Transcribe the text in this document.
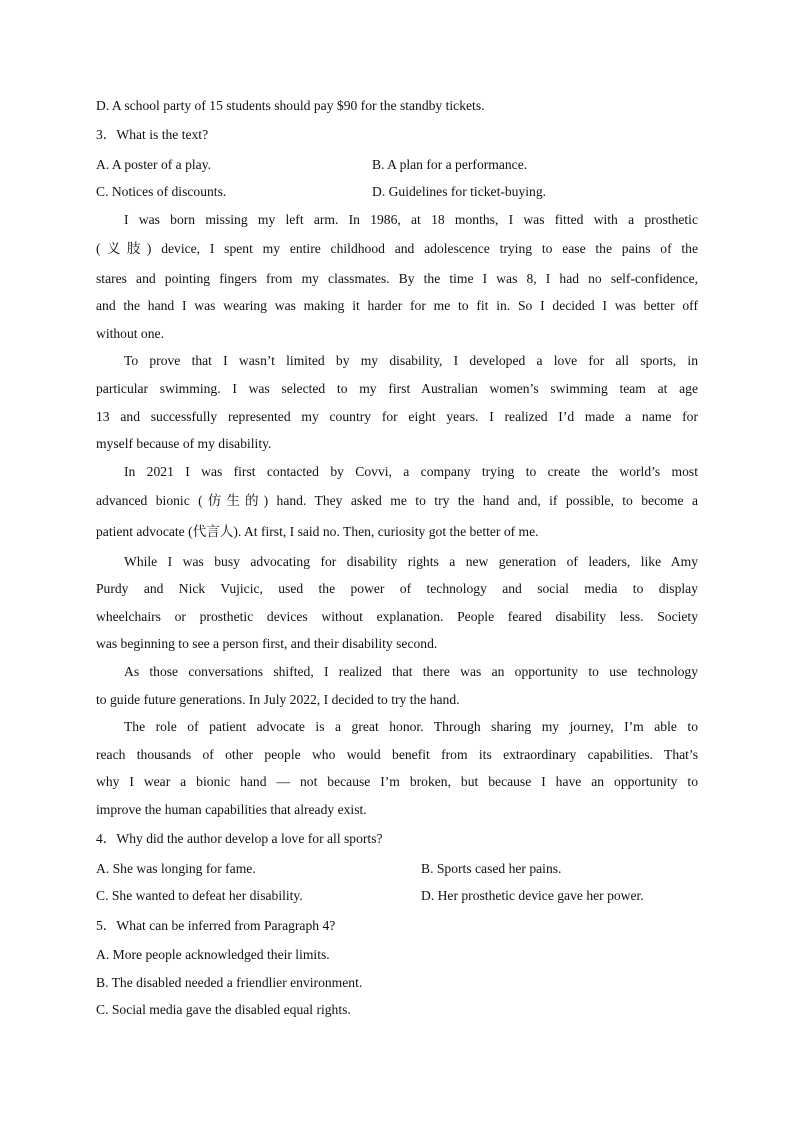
D. A school party of 15 students should pay $90 for the standby tickets.

3．What is the text?

A. A poster of a play.	B. A plan for a performance.

C. Notices of discounts.	D. Guidelines for ticket-buying.

I was born missing my left arm. In 1986, at 18 months, I was fitted with a prosthetic

(义肢) device, I spent my entire childhood and adolescence trying to ease the pains of the

stares and pointing fingers from my classmates. By the time I was 8, I had no self-confidence,

and the hand I was wearing was making it harder for me to fit in. So I decided I was better off

without one.

To prove that I wasn’t limited by my disability, I developed a love for all sports, in

particular swimming. I was selected to my first Australian women’s swimming team at age

13 and successfully represented my country for eight years. I realized I’d made a name for

myself because of my disability.

In 2021 I was first contacted by Covvi, a company trying to create the world’s most

advanced bionic (仿生的) hand. They asked me to try the hand and, if possible, to become a

patient advocate (代言人). At first, I said no. Then, curiosity got the better of me.

While I was busy advocating for disability rights a new generation of leaders, like Amy

Purdy and Nick Vujicic, used the power of technology and social media to display

wheelchairs or prosthetic devices without explanation. People feared disability less. Society

was beginning to see a person first, and their disability second.

As those conversations shifted, I realized that there was an opportunity to use technology

to guide future generations. In July 2022, I decided to try the hand.

The role of patient advocate is a great honor. Through sharing my journey, I’m able to

reach thousands of other people who would benefit from its extraordinary capabilities. That’s

why I wear a bionic hand — not because I’m broken, but because I have an opportunity to

improve the human capabilities that already exist.

4．Why did the author develop a love for all sports?

A. She was longing for fame.	B. Sports cased her pains.

C. She wanted to defeat her disability.	D. Her prosthetic device gave her power.

5．What can be inferred from Paragraph 4?

A. More people acknowledged their limits.

B. The disabled needed a friendlier environment.

C. Social media gave the disabled equal rights.
